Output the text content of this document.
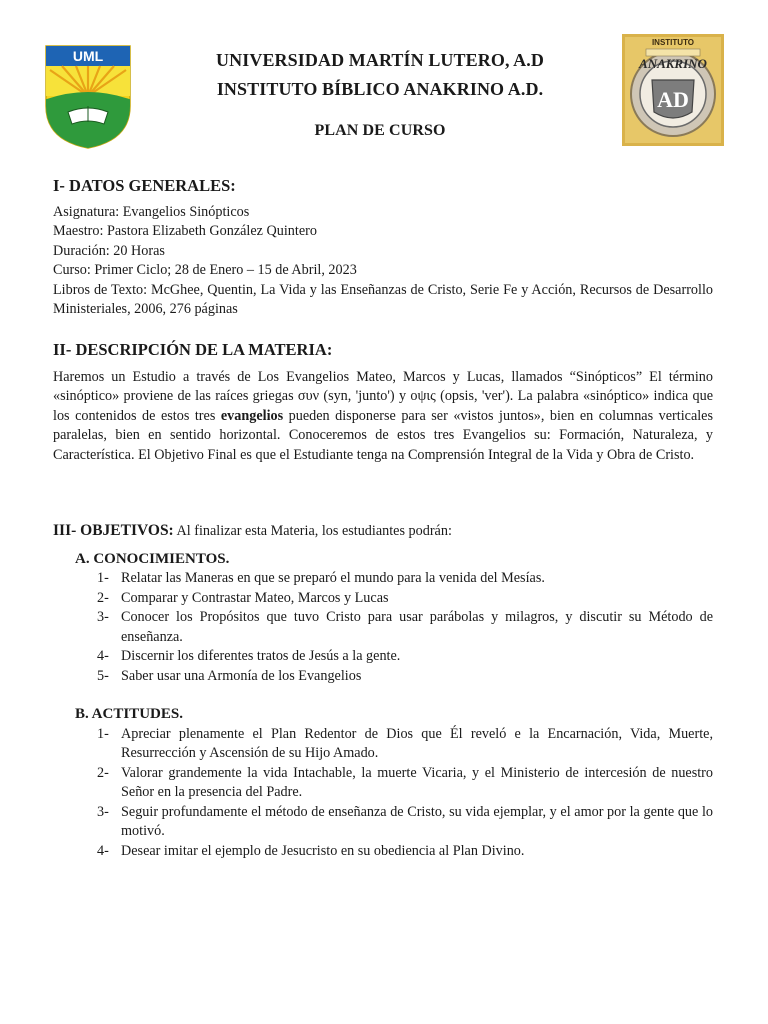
UML
INSTITUTO
ANAKRINO
AD
UNIVERSIDAD MARTÍN LUTERO, A.D
INSTITUTO BÍBLICO ANAKRINO A.D.
PLAN DE CURSO

I- DATOS GENERALES:

Asignatura: Evangelios Sinópticos

Maestro: Pastora Elizabeth González Quintero

Duración: 20 Horas

Curso: Primer Ciclo; 28 de Enero – 15 de Abril, 2023

Libros de Texto: McGhee, Quentin, La Vida y las Enseñanzas de Cristo, Serie Fe y Acción, Recursos de Desarrollo Ministeriales, 2006, 276 páginas

II- DESCRIPCIÓN DE LA MATERIA:

Haremos un Estudio a través de Los Evangelios Mateo, Marcos y Lucas, llamados “Sinópticos” El término «sinóptico» proviene de las raíces griegas συν (syn, 'junto') y οψις (opsis, 'ver'). La palabra «sinóptico» indica que los contenidos de estos tres evangelios pueden disponerse para ser «vistos juntos», bien en columnas verticales paralelas, bien en sentido horizontal. Conoceremos de estos tres Evangelios su: Formación, Naturaleza, y Característica. El Objetivo Final es que el Estudiante tenga na Comprensión Integral de la Vida y Obra de Cristo.

III- OBJETIVOS: Al finalizar esta Materia, los estudiantes podrán:

A. CONOCIMIENTOS.

1- Relatar las Maneras en que se preparó el mundo para la venida del Mesías.
2- Comparar y Contrastar Mateo, Marcos y Lucas
3- Conocer los Propósitos que tuvo Cristo para usar parábolas y milagros, y discutir su Método de enseñanza.
4- Discernir los diferentes tratos de Jesús a la gente.
5- Saber usar una Armonía de los Evangelios

B. ACTITUDES.

1- Apreciar plenamente el Plan Redentor de Dios que Él reveló e la Encarnación, Vida, Muerte, Resurrección y Ascensión de su Hijo Amado.
2- Valorar grandemente la vida Intachable, la muerte Vicaria, y el Ministerio de intercesión de nuestro Señor en la presencia del Padre.
3- Seguir profundamente el método de enseñanza de Cristo, su vida ejemplar, y el amor por la gente que lo motivó.
4- Desear imitar el ejemplo de Jesucristo en su obediencia al Plan Divino.
